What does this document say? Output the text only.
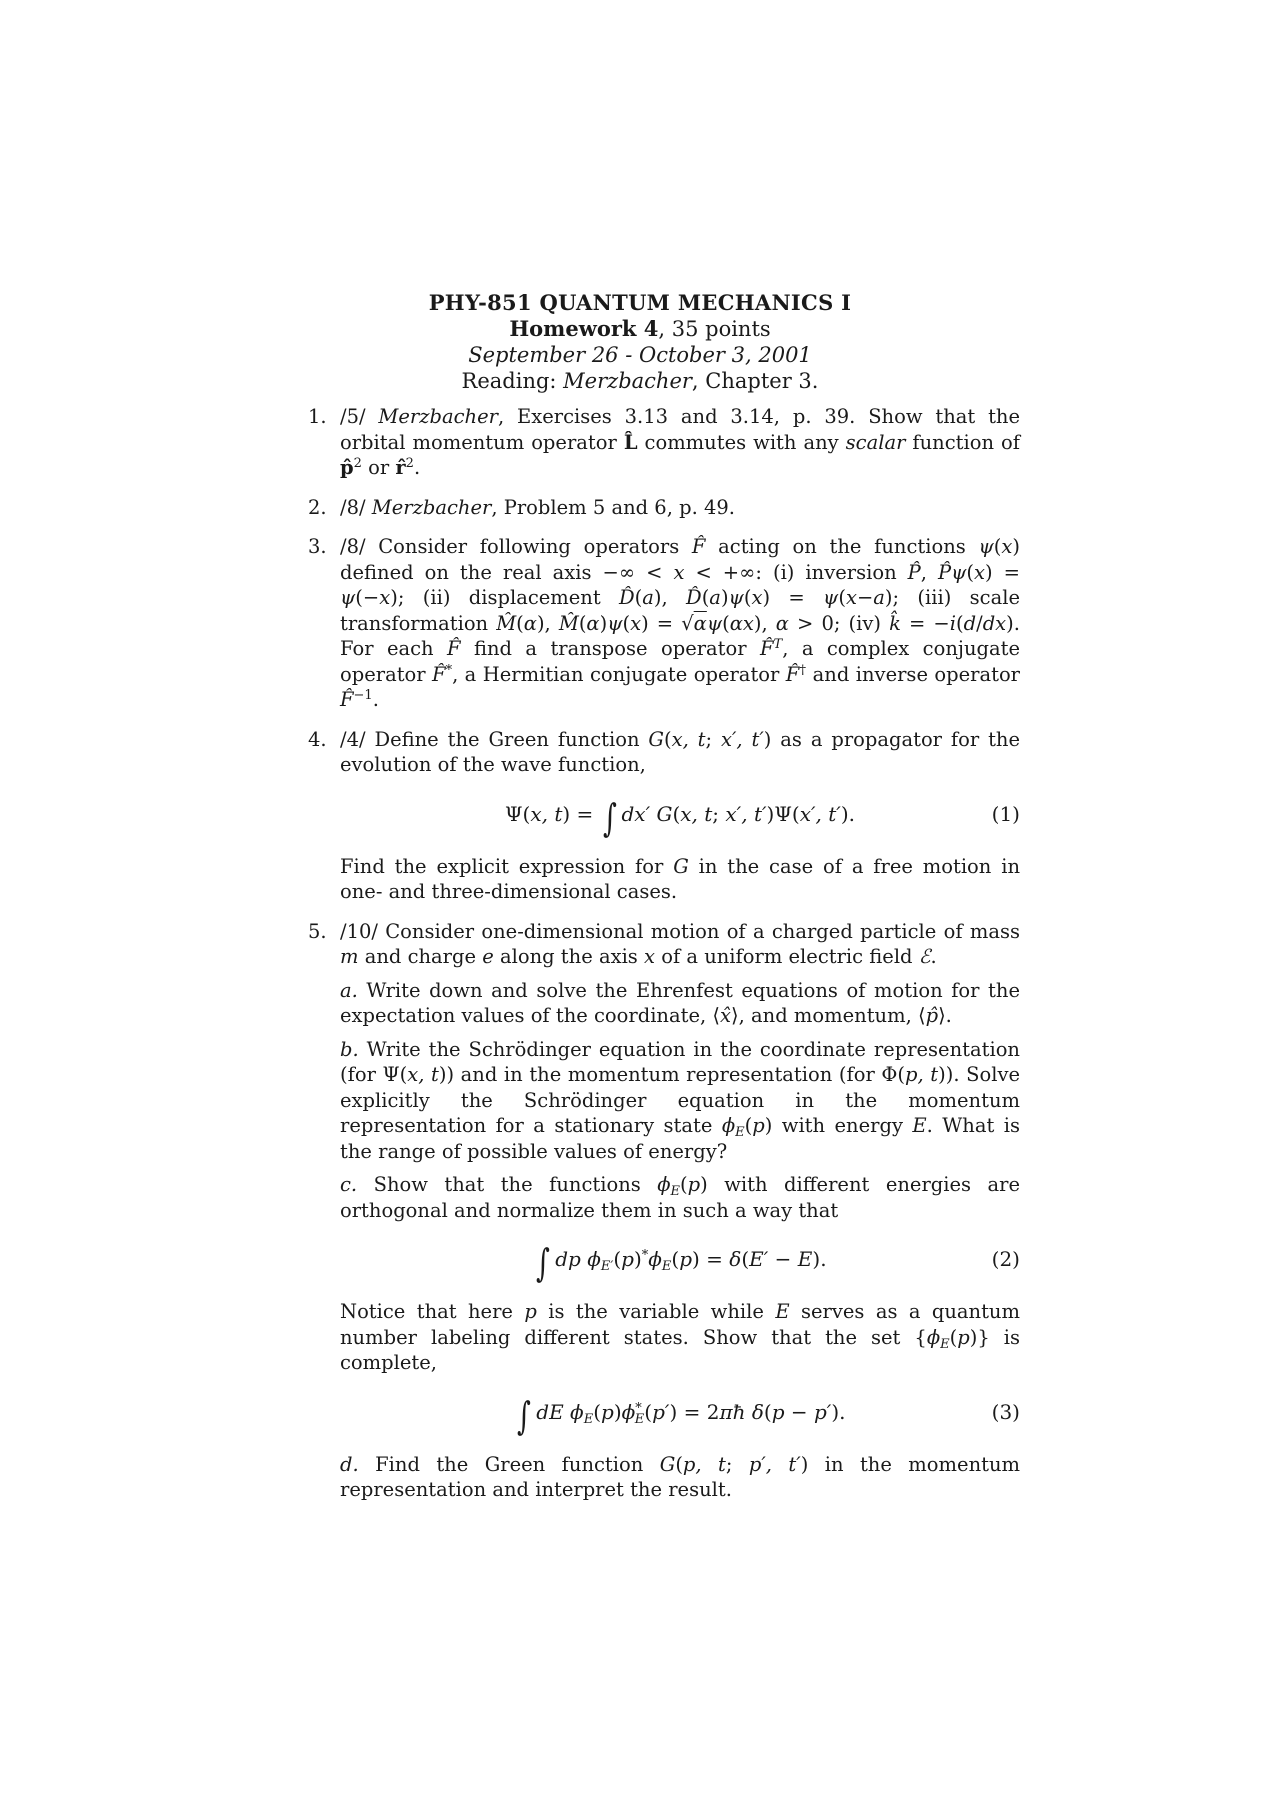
PHY-851 QUANTUM MECHANICS I
Homework 4, 35 points
September 26 - October 3, 2001
Reading: Merzbacher, Chapter 3.
1. /5/ Merzbacher, Exercises 3.13 and 3.14, p. 39. Show that the orbital momentum operator L̂ commutes with any scalar function of p̂$^2$ or r̂$^2$.
2. /8/ Merzbacher, Problem 5 and 6, p. 49.
3. /8/ Consider following operators F̂ acting on the functions ψ(x) defined on the real axis −∞ < x < +∞: (i) inversion P̂, P̂ψ(x) = ψ(−x); (ii) displacement D̂(a), D̂(a)ψ(x) = ψ(x−a); (iii) scale transformation M̂(α), M̂(α)ψ(x) = √αψ(αx), α > 0; (iv) k̂ = −i(d/dx). For each F̂ find a transpose operator F̂$^T$, a complex conjugate operator F̂*, a Hermitian conjugate operator F̂† and inverse operator F̂$^{-1}$.
4. /4/ Define the Green function G(x, t; x′, t′) as a propagator for the evolution of the wave function,
Ψ(x, t) = ∫ dx′ G(x, t; x′, t′)Ψ(x′, t′).	(1)
Find the explicit expression for G in the case of a free motion in one- and three-dimensional cases.
5. /10/ Consider one-dimensional motion of a charged particle of mass m and charge e along the axis x of a uniform electric field ℰ.
a. Write down and solve the Ehrenfest equations of motion for the expectation values of the coordinate, ⟨x̂⟩, and momentum, ⟨p̂⟩.
b. Write the Schrödinger equation in the coordinate representation (for Ψ(x, t)) and in the momentum representation (for Φ(p, t)). Solve explicitly the Schrödinger equation in the momentum representation for a stationary state $\phi_E(p)$ with energy E. What is the range of possible values of energy?
c. Show that the functions $\phi_E(p)$ with different energies are orthogonal and normalize them in such a way that
∫ dp $\phi_{E'}(p)^*\phi_E(p) = \delta(E' - E)$.	(2)
Notice that here p is the variable while E serves as a quantum number labeling different states. Show that the set $\{\phi_E(p)\}$ is complete,
∫ dE $\phi_E(p)\phi^*_E(p')$ = 2πħ δ(p − p′).	(3)
d. Find the Green function G(p, t; p′, t′) in the momentum representation and interpret the result.
